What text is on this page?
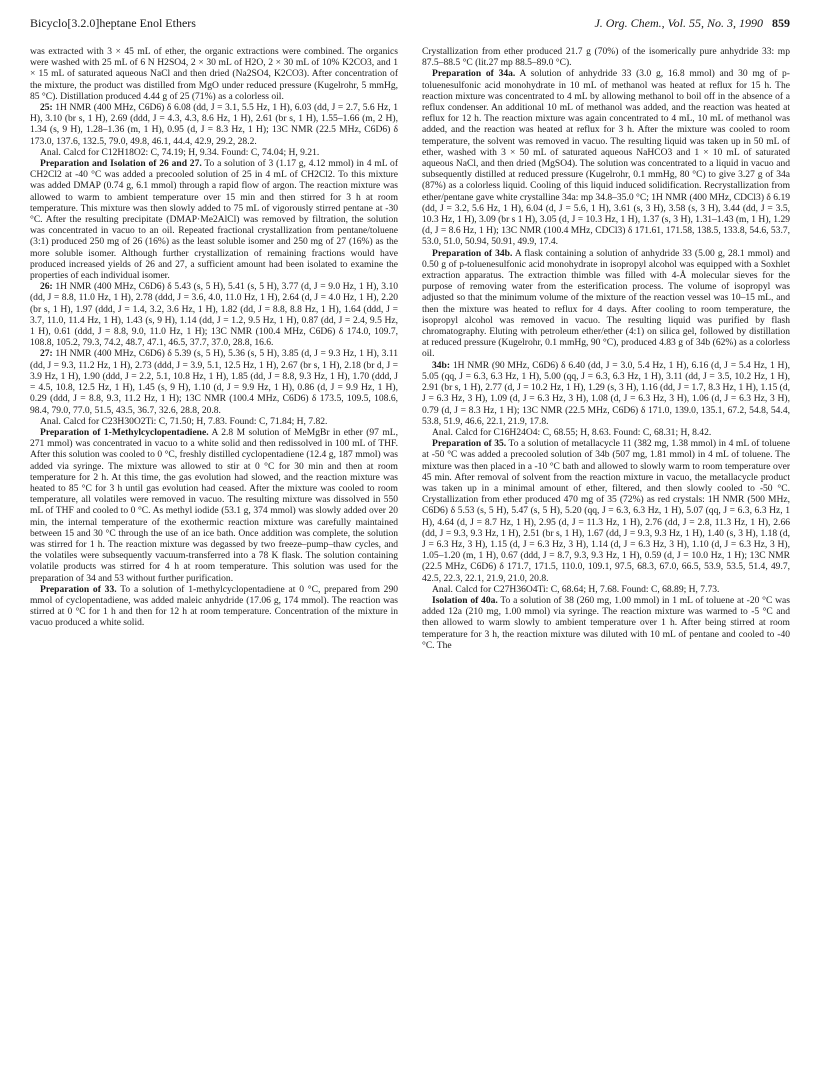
Bicyclo[3.2.0]heptane Enol Ethers	J. Org. Chem., Vol. 55, No. 3, 1990 859

was extracted with 3 × 45 mL of ether, the organic extractions were combined. The organics were washed with 25 mL of 6 N H2SO4, 2 × 30 mL of H2O, 2 × 30 mL of 10% K2CO3, and 1 × 15 mL of saturated aqueous NaCl and then dried (Na2SO4, K2CO3). After concentration of the mixture, the product was distilled from MgO under reduced pressure (Kugelrohr, 5 mmHg, 85 °C). Distillation produced 4.44 g of 25 (71%) as a colorless oil.

25: 1H NMR (400 MHz, C6D6) δ 6.08 (dd, J = 3.1, 5.5 Hz, 1 H), 6.03 (dd, J = 2.7, 5.6 Hz, 1 H), 3.10 (br s, 1 H), 2.69 (ddd, J = 4.3, 4.3, 8.6 Hz, 1 H), 2.61 (br s, 1 H), 1.55–1.66 (m, 2 H), 1.34 (s, 9 H), 1.28–1.36 (m, 1 H), 0.95 (d, J = 8.3 Hz, 1 H); 13C NMR (22.5 MHz, C6D6) δ 173.0, 137.6, 132.5, 79.0, 49.8, 46.1, 44.4, 42.9, 29.2, 28.2.

Anal. Calcd for C12H18O2: C, 74.19; H, 9.34. Found: C, 74.04; H, 9.21.

Preparation and Isolation of 26 and 27. To a solution of 3 (1.17 g, 4.12 mmol) in 4 mL of CH2Cl2 at -40 °C was added a precooled solution of 25 in 4 mL of CH2Cl2. To this mixture was added DMAP (0.74 g, 6.1 mmol) through a rapid flow of argon. The reaction mixture was allowed to warm to ambient temperature over 15 min and then stirred for 3 h at room temperature. This mixture was then slowly added to 75 mL of vigorously stirred pentane at -30 °C. After the resulting precipitate (DMAP·Me2AlCl) was removed by filtration, the solution was concentrated in vacuo to an oil. Repeated fractional crystallization from pentane/toluene (3:1) produced 250 mg of 26 (16%) as the least soluble isomer and 250 mg of 27 (16%) as the more soluble isomer. Although further crystallization of remaining fractions would have produced increased yields of 26 and 27, a sufficient amount had been isolated to examine the properties of each individual isomer.

26: 1H NMR (400 MHz, C6D6) δ 5.43 (s, 5 H), 5.41 (s, 5 H), 3.77 (d, J = 9.0 Hz, 1 H), 3.10 (dd, J = 8.8, 11.0 Hz, 1 H), 2.78 (ddd, J = 3.6, 4.0, 11.0 Hz, 1 H), 2.64 (d, J = 4.0 Hz, 1 H), 2.20 (br s, 1 H), 1.97 (ddd, J = 1.4, 3.2, 3.6 Hz, 1 H), 1.82 (dd, J = 8.8, 8.8 Hz, 1 H), 1.64 (ddd, J = 3.7, 11.0, 11.4 Hz, 1 H), 1.43 (s, 9 H), 1.14 (dd, J = 1.2, 9.5 Hz, 1 H), 0.87 (dd, J = 2.4, 9.5 Hz, 1 H), 0.61 (ddd, J = 8.8, 9.0, 11.0 Hz, 1 H); 13C NMR (100.4 MHz, C6D6) δ 174.0, 109.7, 108.8, 105.2, 79.3, 74.2, 48.7, 47.1, 46.5, 37.7, 37.0, 28.8, 16.6.

27: 1H NMR (400 MHz, C6D6) δ 5.39 (s, 5 H), 5.36 (s, 5 H), 3.85 (d, J = 9.3 Hz, 1 H), 3.11 (dd, J = 9.3, 11.2 Hz, 1 H), 2.73 (ddd, J = 3.9, 5.1, 12.5 Hz, 1 H), 2.67 (br s, 1 H), 2.18 (br d, J = 3.9 Hz, 1 H), 1.90 (ddd, J = 2.2, 5.1, 10.8 Hz, 1 H), 1.85 (dd, J = 8.8, 9.3 Hz, 1 H), 1.70 (ddd, J = 4.5, 10.8, 12.5 Hz, 1 H), 1.45 (s, 9 H), 1.10 (d, J = 9.9 Hz, 1 H), 0.86 (d, J = 9.9 Hz, 1 H), 0.29 (ddd, J = 8.8, 9.3, 11.2 Hz, 1 H); 13C NMR (100.4 MHz, C6D6) δ 173.5, 109.5, 108.6, 98.4, 79.0, 77.0, 51.5, 43.5, 36.7, 32.6, 28.8, 20.8.

Anal. Calcd for C23H30O2Ti: C, 71.50; H, 7.83. Found: C, 71.84; H, 7.82.

Preparation of 1-Methylcyclopentadiene. A 2.8 M solution of MeMgBr in ether (97 mL, 271 mmol) was concentrated in vacuo to a white solid and then redissolved in 100 mL of THF. After this solution was cooled to 0 °C, freshly distilled cyclopentadiene (12.4 g, 187 mmol) was added via syringe. The mixture was allowed to stir at 0 °C for 30 min and then at room temperature for 2 h. At this time, the gas evolution had slowed, and the reaction mixture was heated to 85 °C for 3 h until gas evolution had ceased. After the mixture was cooled to room temperature, all volatiles were removed in vacuo. The resulting mixture was dissolved in 550 mL of THF and cooled to 0 °C. As methyl iodide (53.1 g, 374 mmol) was slowly added over 20 min, the internal temperature of the exothermic reaction mixture was carefully maintained between 15 and 30 °C through the use of an ice bath. Once addition was complete, the solution was stirred for 1 h. The reaction mixture was degassed by two freeze–pump–thaw cycles, and the volatiles were subsequently vacuum-transferred into a 78 K flask. The solution containing volatile products was stirred for 4 h at room temperature. This solution was used for the preparation of 34 and 53 without further purification.

Preparation of 33. To a solution of 1-methylcyclopentadiene at 0 °C, prepared from 290 mmol of cyclopentadiene, was added maleic anhydride (17.06 g, 174 mmol). The reaction was stirred at 0 °C for 1 h and then for 12 h at room temperature. Concentration of the mixture in vacuo produced a white solid.

Crystallization from ether produced 21.7 g (70%) of the isomerically pure anhydride 33: mp 87.5–88.5 °C (lit.27 mp 88.5–89.0 °C).

Preparation of 34a. A solution of anhydride 33 (3.0 g, 16.8 mmol) and 30 mg of p-toluenesulfonic acid monohydrate in 10 mL of methanol was heated at reflux for 15 h. The reaction mixture was concentrated to 4 mL by allowing methanol to boil off in the absence of a reflux condenser. An additional 10 mL of methanol was added, and the reaction was heated at reflux for 12 h. The reaction mixture was again concentrated to 4 mL, 10 mL of methanol was added, and the reaction was heated at reflux for 3 h. After the mixture was cooled to room temperature, the solvent was removed in vacuo. The resulting liquid was taken up in 50 mL of ether, washed with 3 × 50 mL of saturated aqueous NaHCO3 and 1 × 10 mL of saturated aqueous NaCl, and then dried (MgSO4). The solution was concentrated to a liquid in vacuo and subsequently distilled at reduced pressure (Kugelrohr, 0.1 mmHg, 80 °C) to give 3.27 g of 34a (87%) as a colorless liquid. Cooling of this liquid induced solidification. Recrystallization from ether/pentane gave white crystalline 34a: mp 34.8–35.0 °C; 1H NMR (400 MHz, CDCl3) δ 6.19 (dd, J = 3.2, 5.6 Hz, 1 H), 6.04 (d, J = 5.6, 1 H), 3.61 (s, 3 H), 3.58 (s, 3 H), 3.44 (dd, J = 3.5, 10.3 Hz, 1 H), 3.09 (br s 1 H), 3.05 (d, J = 10.3 Hz, 1 H), 1.37 (s, 3 H), 1.31–1.43 (m, 1 H), 1.29 (d, J = 8.6 Hz, 1 H); 13C NMR (100.4 MHz, CDCl3) δ 171.61, 171.58, 138.5, 133.8, 54.6, 53.7, 53.0, 51.0, 50.94, 50.91, 49.9, 17.4.

Preparation of 34b. A flask containing a solution of anhydride 33 (5.00 g, 28.1 mmol) and 0.50 g of p-toluenesulfonic acid monohydrate in isopropyl alcohol was equipped with a Soxhlet extraction apparatus. The extraction thimble was filled with 4-Å molecular sieves for the purpose of removing water from the esterification process. The volume of isopropyl was adjusted so that the minimum volume of the mixture of the reaction vessel was 10–15 mL, and then the mixture was heated to reflux for 4 days. After cooling to room temperature, the isopropyl alcohol was removed in vacuo. The resulting liquid was purified by flash chromatography. Eluting with petroleum ether/ether (4:1) on silica gel, followed by distillation at reduced pressure (Kugelrohr, 0.1 mmHg, 90 °C), produced 4.83 g of 34b (62%) as a colorless oil.

34b: 1H NMR (90 MHz, C6D6) δ 6.40 (dd, J = 3.0, 5.4 Hz, 1 H), 6.16 (d, J = 5.4 Hz, 1 H), 5.05 (qq, J = 6.3, 6.3 Hz, 1 H), 5.00 (qq, J = 6.3, 6.3 Hz, 1 H), 3.11 (dd, J = 3.5, 10.2 Hz, 1 H), 2.91 (br s, 1 H), 2.77 (d, J = 10.2 Hz, 1 H), 1.29 (s, 3 H), 1.16 (dd, J = 1.7, 8.3 Hz, 1 H), 1.15 (d, J = 6.3 Hz, 3 H), 1.09 (d, J = 6.3 Hz, 3 H), 1.08 (d, J = 6.3 Hz, 3 H), 1.06 (d, J = 6.3 Hz, 3 H), 0.79 (d, J = 8.3 Hz, 1 H); 13C NMR (22.5 MHz, C6D6) δ 171.0, 139.0, 135.1, 67.2, 54.8, 54.4, 53.8, 51.9, 46.6, 22.1, 21.9, 17.8.

Anal. Calcd for C16H24O4: C, 68.55; H, 8.63. Found: C, 68.31; H, 8.42.

Preparation of 35. To a solution of metallacycle 11 (382 mg, 1.38 mmol) in 4 mL of toluene at -50 °C was added a precooled solution of 34b (507 mg, 1.81 mmol) in 4 mL of toluene. The mixture was then placed in a -10 °C bath and allowed to slowly warm to room temperature over 45 min. After removal of solvent from the reaction mixture in vacuo, the metallacycle product was taken up in a minimal amount of ether, filtered, and then slowly cooled to -50 °C. Crystallization from ether produced 470 mg of 35 (72%) as red crystals: 1H NMR (500 MHz, C6D6) δ 5.53 (s, 5 H), 5.47 (s, 5 H), 5.20 (qq, J = 6.3, 6.3 Hz, 1 H), 5.07 (qq, J = 6.3, 6.3 Hz, 1 H), 4.64 (d, J = 8.7 Hz, 1 H), 2.95 (d, J = 11.3 Hz, 1 H), 2.76 (dd, J = 2.8, 11.3 Hz, 1 H), 2.66 (dd, J = 9.3, 9.3 Hz, 1 H), 2.51 (br s, 1 H), 1.67 (dd, J = 9.3, 9.3 Hz, 1 H), 1.40 (s, 3 H), 1.18 (d, J = 6.3 Hz, 3 H), 1.15 (d, J = 6.3 Hz, 3 H), 1.14 (d, J = 6.3 Hz, 3 H), 1.10 (d, J = 6.3 Hz, 3 H), 1.05–1.20 (m, 1 H), 0.67 (ddd, J = 8.7, 9.3, 9.3 Hz, 1 H), 0.59 (d, J = 10.0 Hz, 1 H); 13C NMR (22.5 MHz, C6D6) δ 171.7, 171.5, 110.0, 109.1, 97.5, 68.3, 67.0, 66.5, 53.9, 53.5, 51.4, 49.7, 42.5, 22.3, 22.1, 21.9, 21.0, 20.8.

Anal. Calcd for C27H36O4Ti: C, 68.64; H, 7.68. Found: C, 68.89; H, 7.73.

Isolation of 40a. To a solution of 38 (260 mg, 1.00 mmol) in 1 mL of toluene at -20 °C was added 12a (210 mg, 1.00 mmol) via syringe. The reaction mixture was warmed to -5 °C and then allowed to warm slowly to ambient temperature over 1 h. After being stirred at room temperature for 3 h, the reaction mixture was diluted with 10 mL of pentane and cooled to -40 °C. The
